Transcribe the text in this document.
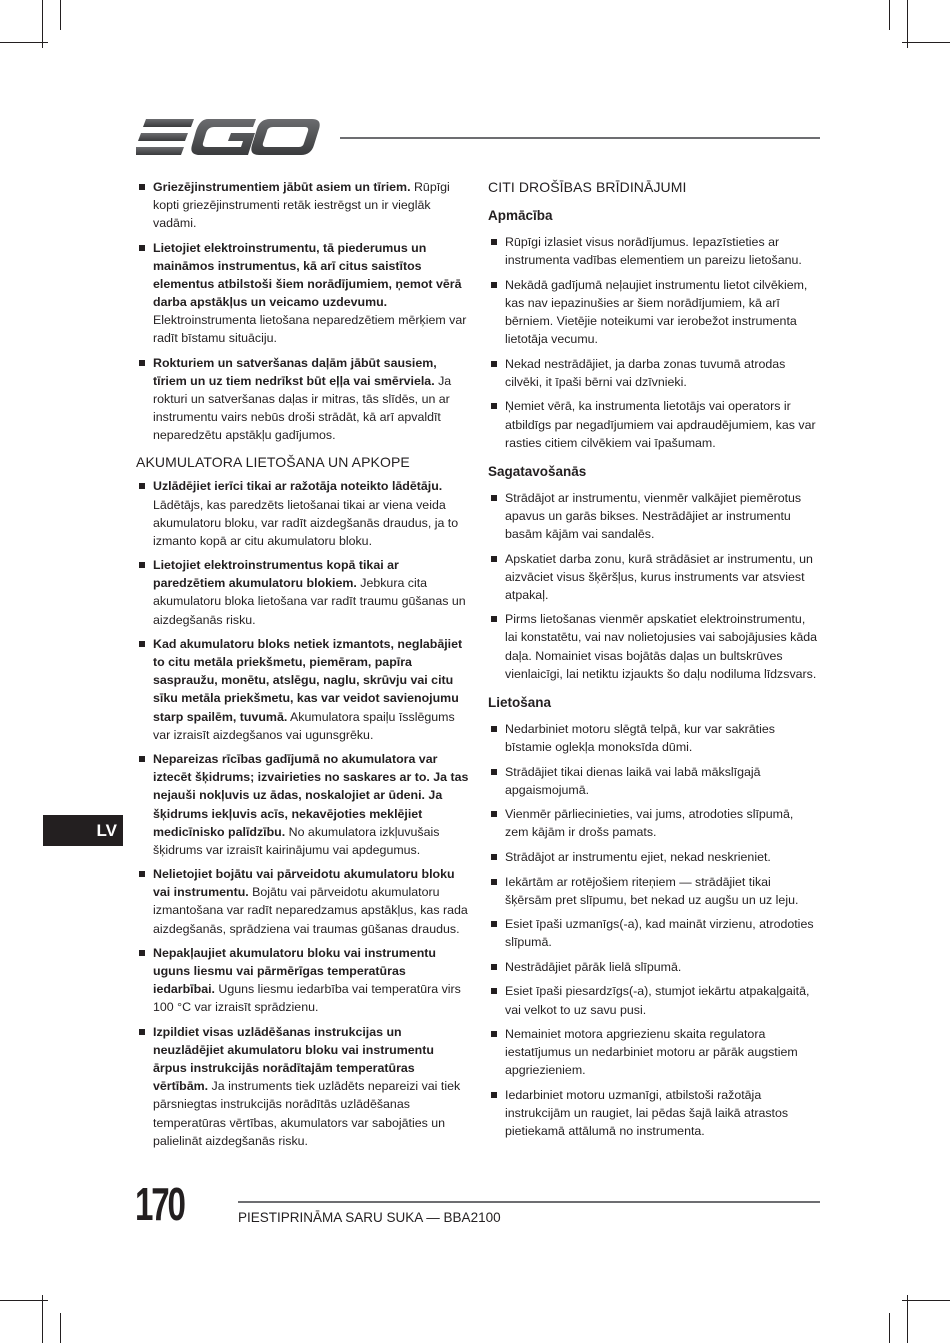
Griezējinstrumentiem jābūt asiem un tīriem. Rūpīgi kopti griezējinstrumenti retāk iestrēgst un ir vieglāk vadāmi.
Lietojiet elektroinstrumentu, tā piederumus un maināmos instrumentus, kā arī citus saistītos elementus atbilstoši šiem norādījumiem, ņemot vērā darba apstākļus un veicamo uzdevumu. Elektroinstrumenta lietošana neparedzētiem mērķiem var radīt bīstamu situāciju.
Rokturiem un satveršanas daļām jābūt sausiem, tīriem un uz tiem nedrīkst būt eļļa vai smērviela. Ja rokturi un satveršanas daļas ir mitras, tās slīdēs, un ar instrumentu vairs nebūs droši strādāt, kā arī apvaldīt neparedzētu apstākļu gadījumos.
AKUMULATORA LIETOŠANA UN APKOPE
Uzlādējiet ierīci tikai ar ražotāja noteikto lādētāju. Lādētājs, kas paredzēts lietošanai tikai ar viena veida akumulatoru bloku, var radīt aizdegšanās draudus, ja to izmanto kopā ar citu akumulatoru bloku.
Lietojiet elektroinstrumentus kopā tikai ar paredzētiem akumulatoru blokiem. Jebkura cita akumulatoru bloka lietošana var radīt traumu gūšanas un aizdegšanās risku.
Kad akumulatoru bloks netiek izmantots, neglabājiet to citu metāla priekšmetu, piemēram, papīra saspraužu, monētu, atslēgu, naglu, skrūvju vai citu sīku metāla priekšmetu, kas var veidot savienojumu starp spailēm, tuvumā. Akumulatora spaiļu īsslēgums var izraisīt aizdegšanos vai ugunsgrēku.
Nepareizas rīcības gadījumā no akumulatora var iztecēt šķidrums; izvairieties no saskares ar to. Ja tas nejauši nokļuvis uz ādas, noskalojiet ar ūdeni. Ja šķidrums iekļuvis acīs, nekavējoties meklējiet medicīnisko palīdzību. No akumulatora izkļuvušais šķidrums var izraisīt kairinājumu vai apdegumus.
Nelietojiet bojātu vai pārveidotu akumulatoru bloku vai instrumentu. Bojātu vai pārveidotu akumulatoru izmantošana var radīt neparedzamus apstākļus, kas rada aizdegšanās, sprādziena vai traumas gūšanas draudus.
Nepakļaujiet akumulatoru bloku vai instrumentu uguns liesmu vai pārmērīgas temperatūras iedarbībai. Uguns liesmu iedarbība vai temperatūra virs 100 °C var izraisīt sprādzienu.
Izpildiet visas uzlādēšanas instrukcijas un neuzlādējiet akumulatoru bloku vai instrumentu ārpus instrukcijās norādītajām temperatūras vērtībām. Ja instruments tiek uzlādēts nepareizi vai tiek pārsniegtas instrukcijās norādītās uzlādēšanas temperatūras vērtības, akumulators var sabojāties un palielināt aizdegšanās risku.
CITI DROŠĪBAS BRĪDINĀJUMI
Apmācība
Rūpīgi izlasiet visus norādījumus. Iepazīstieties ar instrumenta vadības elementiem un pareizu lietošanu.
Nekādā gadījumā neļaujiet instrumentu lietot cilvēkiem, kas nav iepazinušies ar šiem norādījumiem, kā arī bērniem. Vietējie noteikumi var ierobežot instrumenta lietotāja vecumu.
Nekad nestrādājiet, ja darba zonas tuvumā atrodas cilvēki, it īpaši bērni vai dzīvnieki.
Ņemiet vērā, ka instrumenta lietotājs vai operators ir atbildīgs par negadījumiem vai apdraudējumiem, kas var rasties citiem cilvēkiem vai īpašumam.
Sagatavošanās
Strādājot ar instrumentu, vienmēr valkājiet piemērotus apavus un garās bikses. Nestrādājiet ar instrumentu basām kājām vai sandalēs.
Apskatiet darba zonu, kurā strādāsiet ar instrumentu, un aizvāciet visus šķēršļus, kurus instruments var atsviest atpakaļ.
Pirms lietošanas vienmēr apskatiet elektroinstrumentu, lai konstatētu, vai nav nolietojusies vai sabojājusies kāda daļa. Nomainiet visas bojātās daļas un bultskrūves vienlaicīgi, lai netiktu izjaukts šo daļu nodiluma līdzsvars.
Lietošana
Nedarbiniet motoru slēgtā telpā, kur var sakrāties bīstamie oglekļa monoksīda dūmi.
Strādājiet tikai dienas laikā vai labā mākslīgajā apgaismojumā.
Vienmēr pārliecinieties, vai jums, atrodoties slīpumā, zem kājām ir drošs pamats.
Strādājot ar instrumentu ejiet, nekad neskrieniet.
Iekārtām ar rotējošiem riteņiem — strādājiet tikai šķērsām pret slīpumu, bet nekad uz augšu un uz leju.
Esiet īpaši uzmanīgs(-a), kad maināt virzienu, atrodoties slīpumā.
Nestrādājiet pārāk lielā slīpumā.
Esiet īpaši piesardzīgs(-a), stumjot iekārtu atpakaļgaitā, vai velkot to uz savu pusi.
Nemainiet motora apgriezienu skaita regulatora iestatījumus un nedarbiniet motoru ar pārāk augstiem apgriezieniem.
Iedarbiniet motoru uzmanīgi, atbilstoši ražotāja instrukcijām un raugiet, lai pēdas šajā laikā atrastos pietiekamā attālumā no instrumenta.
LV
170	PIESTIPRINĀMA SARU SUKA — BBA2100
